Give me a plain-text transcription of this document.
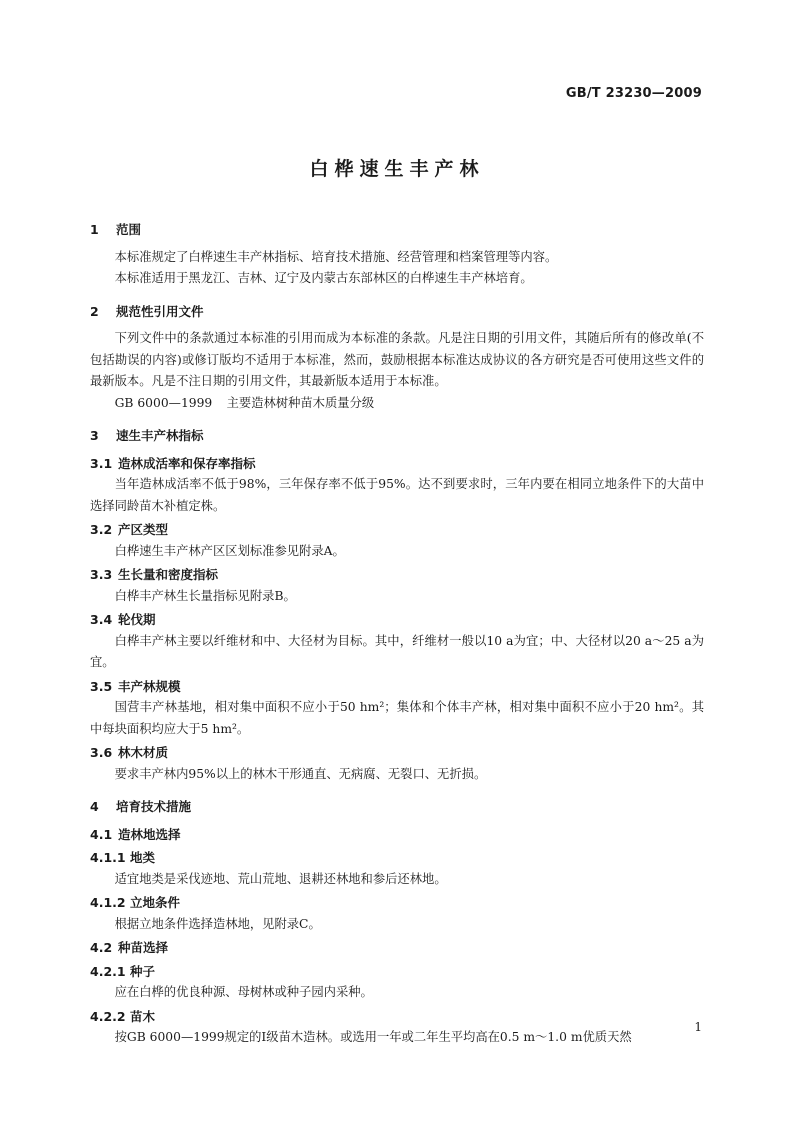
GB/T 23230—2009
白桦速生丰产林
1 范围

本标准规定了白桦速生丰产林指标、培育技术措施、经营管理和档案管理等内容。

本标准适用于黑龙江、吉林、辽宁及内蒙古东部林区的白桦速生丰产林培育。

2 规范性引用文件

下列文件中的条款通过本标准的引用而成为本标准的条款。凡是注日期的引用文件，其随后所有的修改单(不包括勘误的内容)或修订版均不适用于本标准，然而，鼓励根据本标准达成协议的各方研究是否可使用这些文件的最新版本。凡是不注日期的引用文件，其最新版本适用于本标准。

GB 6000—1999 主要造林树种苗木质量分级
3 速生丰产林指标
3.1 造林成活率和保存率指标

当年造林成活率不低于98%，三年保存率不低于95%。达不到要求时，三年内要在相同立地条件下的大苗中选择同龄苗木补植定株。

3.2 产区类型

白桦速生丰产林产区区划标准参见附录A。

3.3 生长量和密度指标

白桦丰产林生长量指标见附录B。

3.4 轮伐期

白桦丰产林主要以纤维材和中、大径材为目标。其中，纤维材一般以10 a为宜；中、大径材以20 a～25 a为宜。

3.5 丰产林规模

国营丰产林基地，相对集中面积不应小于50 hm²；集体和个体丰产林，相对集中面积不应小于20 hm²。其中每块面积均应大于5 hm²。

3.6 林木材质

要求丰产林内95%以上的林木干形通直、无病腐、无裂口、无折损。

4 培育技术措施
4.1 造林地选择
4.1.1 地类

适宜地类是采伐迹地、荒山荒地、退耕还林地和参后还林地。

4.1.2 立地条件

根据立地条件选择造林地，见附录C。

4.2 种苗选择
4.2.1 种子

应在白桦的优良种源、母树林或种子园内采种。

4.2.2 苗木

按GB 6000—1999规定的Ⅰ级苗木造林。或选用一年或二年生平均高在0.5 m～1.0 m优质天然

1
